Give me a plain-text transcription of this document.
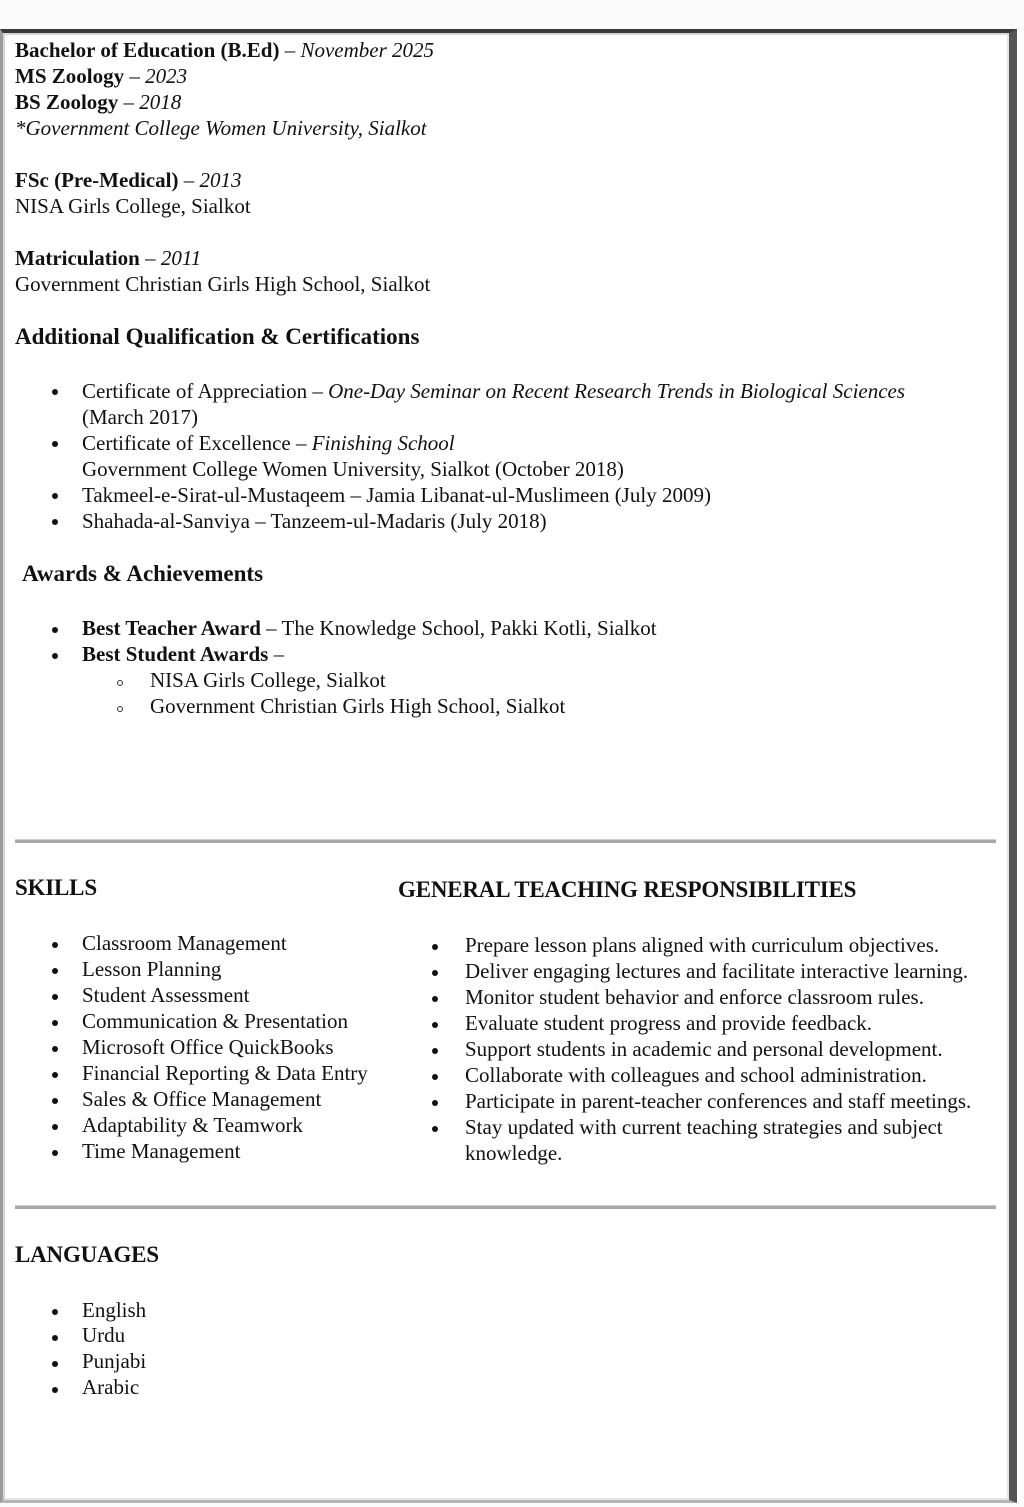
Bachelor of Education (B.Ed) – November 2025
MS Zoology – 2023
BS Zoology – 2018
*Government College Women University, Sialkot
FSc (Pre-Medical) – 2013
NISA Girls College, Sialkot
Matriculation – 2011
Government Christian Girls High School, Sialkot
Additional Qualification & Certifications
Certificate of Appreciation – One-Day Seminar on Recent Research Trends in Biological Sciences
(March 2017)
Certificate of Excellence – Finishing School
Government College Women University, Sialkot (October 2018)
Takmeel-e-Sirat-ul-Mustaqeem – Jamia Libanat-ul-Muslimeen (July 2009)
Shahada-al-Sanviya – Tanzeem-ul-Madaris (July 2018)
Awards & Achievements
Best Teacher Award – The Knowledge School, Pakki Kotli, Sialkot
Best Student Awards –
NISA Girls College, Sialkot
Government Christian Girls High School, Sialkot
SKILLS
Classroom Management
Lesson Planning
Student Assessment
Communication & Presentation
Microsoft Office QuickBooks
Financial Reporting & Data Entry
Sales & Office Management
Adaptability & Teamwork
Time Management
GENERAL TEACHING RESPONSIBILITIES
Prepare lesson plans aligned with curriculum objectives.
Deliver engaging lectures and facilitate interactive learning.
Monitor student behavior and enforce classroom rules.
Evaluate student progress and provide feedback.
Support students in academic and personal development.
Collaborate with colleagues and school administration.
Participate in parent-teacher conferences and staff meetings.
Stay updated with current teaching strategies and subject
knowledge.
LANGUAGES
English
Urdu
Punjabi
Arabic
